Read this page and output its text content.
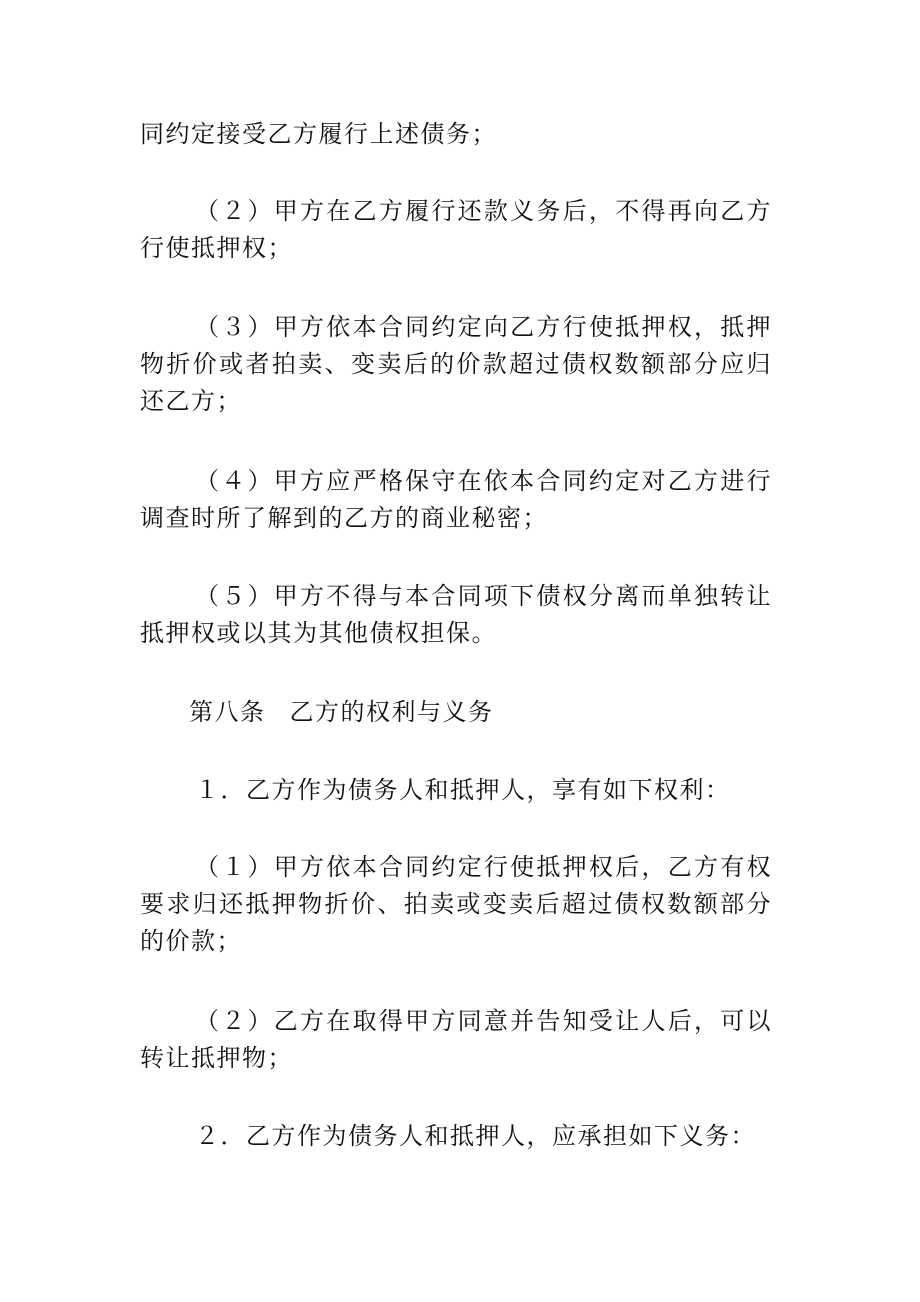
同约定接受乙方履行上述债务；

（２）甲方在乙方履行还款义务后，不得再向乙方行使抵押权；

（３）甲方依本合同约定向乙方行使抵押权，抵押物折价或者拍卖、变卖后的价款超过债权数额部分应归还乙方；

（４）甲方应严格保守在依本合同约定对乙方进行调查时所了解到的乙方的商业秘密；

（５）甲方不得与本合同项下债权分离而单独转让抵押权或以其为其他债权担保。

第八条 乙方的权利与义务

１．乙方作为债务人和抵押人，享有如下权利：

（１）甲方依本合同约定行使抵押权后，乙方有权要求归还抵押物折价、拍卖或变卖后超过债权数额部分的价款；

（２）乙方在取得甲方同意并告知受让人后，可以转让抵押物；

２．乙方作为债务人和抵押人，应承担如下义务：
